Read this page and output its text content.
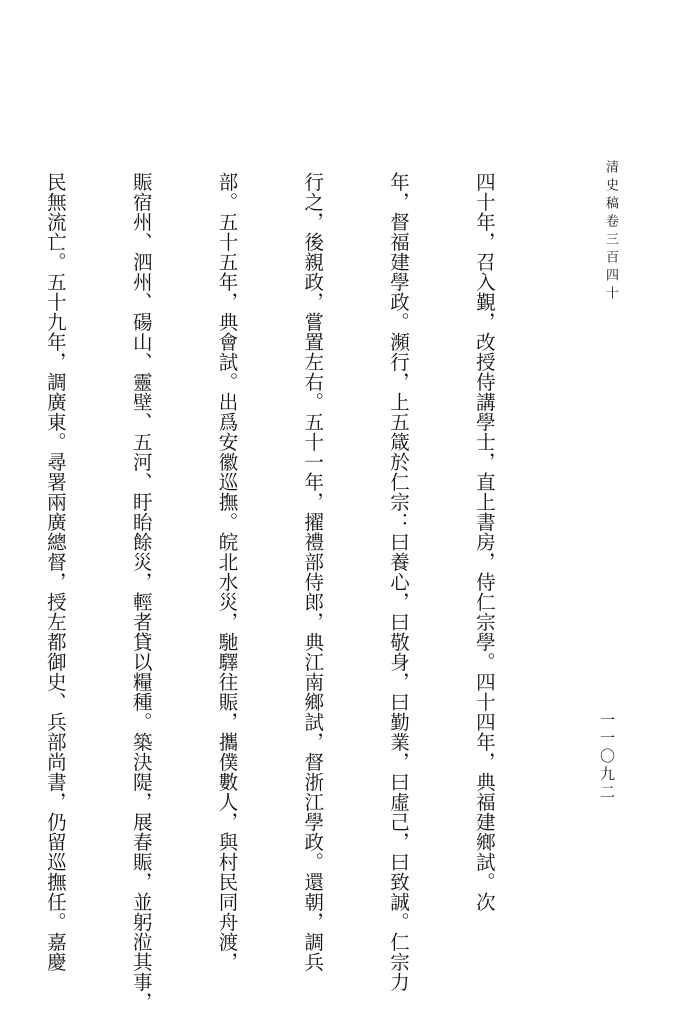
清史稿卷三百四十
一一〇九二

四十年，召入覲，改授侍講學士，直上書房，侍仁宗學。四十四年，典福建鄉試。次

年，督福建學政。瀕行，上五箴於仁宗：曰養心，曰敬身，曰勤業，曰虛己，曰致誠。仁宗力

行之，後親政，嘗置左右。五十一年，擢禮部侍郎，典江南鄉試，督浙江學政。還朝，調兵

部。五十五年，典會試。出爲安徽巡撫。皖北水災，馳驛往賑，攜僕數人，與村民同舟渡，

賑宿州、泗州、碭山、靈壁、五河、盱眙餘災，輕者貸以糧種。築決隄，展春賑，並躬涖其事，

民無流亡。五十九年，調廣東。尋署兩廣總督，授左都御史、兵部尚書，仍留巡撫任。嘉慶
